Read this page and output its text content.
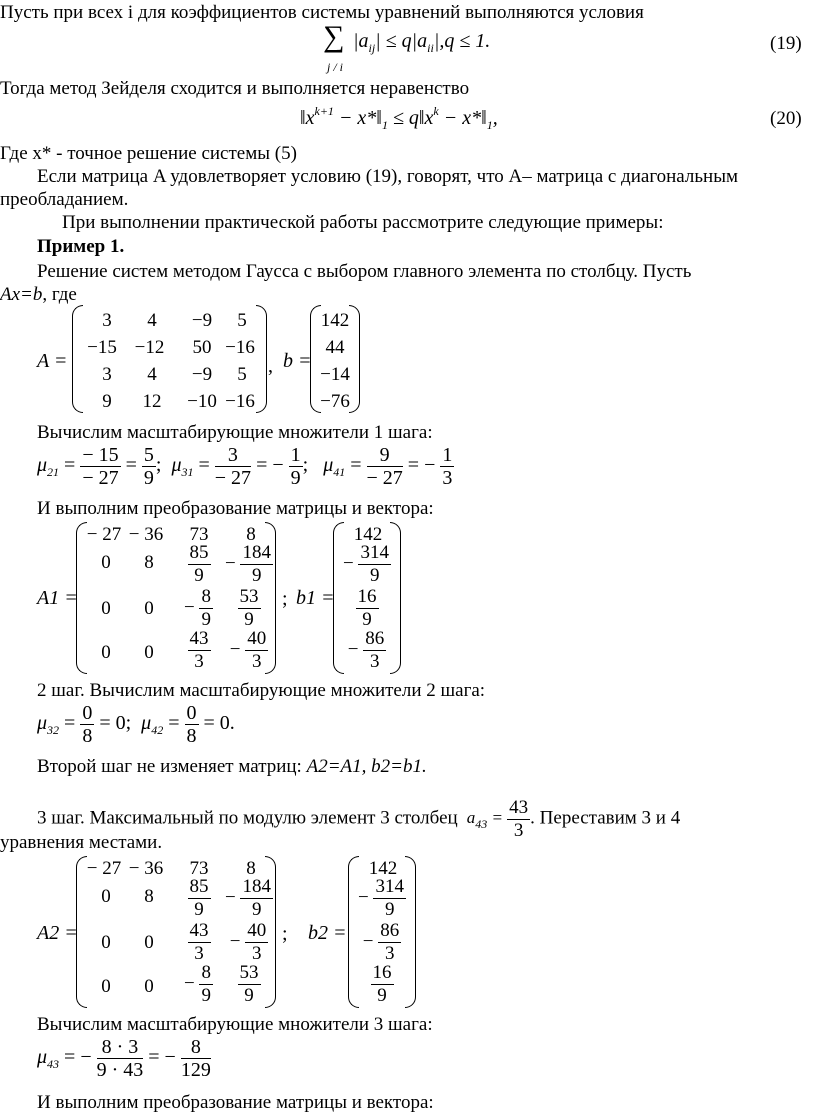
Пусть при всех i для коэффициентов системы уравнений выполняются условия
∑
j / i
$|a_{ij}| \le q|a_{ii}|,q \le 1$.	(19)
Тогда метод Зейделя сходится и выполняется неравенство
$‖x^{k+1}$ − $x*‖_1$ ≤ $q‖x^k$ − $x*‖_1$,	(20)
Где x* - точное решение системы (5)
Если матрица A удовлетворяет условию (19), говорят, что A– матрица с диагональным
преобладанием.
При выполнении практической работы рассмотрите следующие примеры:
Пример 1.
Решение систем методом Гаусса с выбором главного элемента по столбцу. Пусть
Ax=b, где
A =
3	4	−9	5
−15 −12	50 −16
3	4	−9	5
9	12	−10 −16
, b =
142
44
−14
−76
Вычислим масштабирующие множители 1 шага:
$\mu_{21} = \frac{- 15}{- 27} = \frac{5}{9}$ ;  $\mu_{31} = \frac{3}{- 27}$ = − $\frac{1}{9}$ ;   $\mu_{41} = \frac{9}{- 27}$ = − $\frac{1}{3}$
И выполним преобразование матрицы и вектора:
A1 =
− 27 − 36 73	8
0	8	$\frac{85}{9} - \frac{184}{9}$
0	0	− $\frac{8}{9} \frac{53}{9}$
0	0	$\frac{43}{3}$	− $\frac{40}{3}$
; b1 =
142
− $\frac{314}{9}$
$\frac{16}{9}$
− $\frac{86}{3}$
2 шаг. Вычислим масштабирующие множители 2 шага:
$\mu_{32} = \frac{0}{8} = 0$;  $\mu_{42} = \frac{0}{8} = 0$.
Второй шаг не изменяет матриц: A2=A1, b2=b1.
3 шаг. Максимальный по модулю элемент 3 столбец  $a_{43} = \frac{43}{3}$ . Переставим 3 и 4
уравнения местами.
A2 =
− 27 − 36 73	8
0	8	$\frac{85}{9} - \frac{184}{9}$
0	0	$\frac{43}{3}$	− $\frac{40}{3}$
0	0	− $\frac{8}{9} \frac{53}{9}$
; b2 =
142
− $\frac{314}{9}$
− $\frac{86}{3}$
$\frac{16}{9}$
Вычислим масштабирующие множители 3 шага:
$\mu_{43}$ = − $\frac{8 \cdot 3}{9 \cdot 43}$ = − $\frac{8}{129}$
И выполним преобразование матрицы и вектора:
